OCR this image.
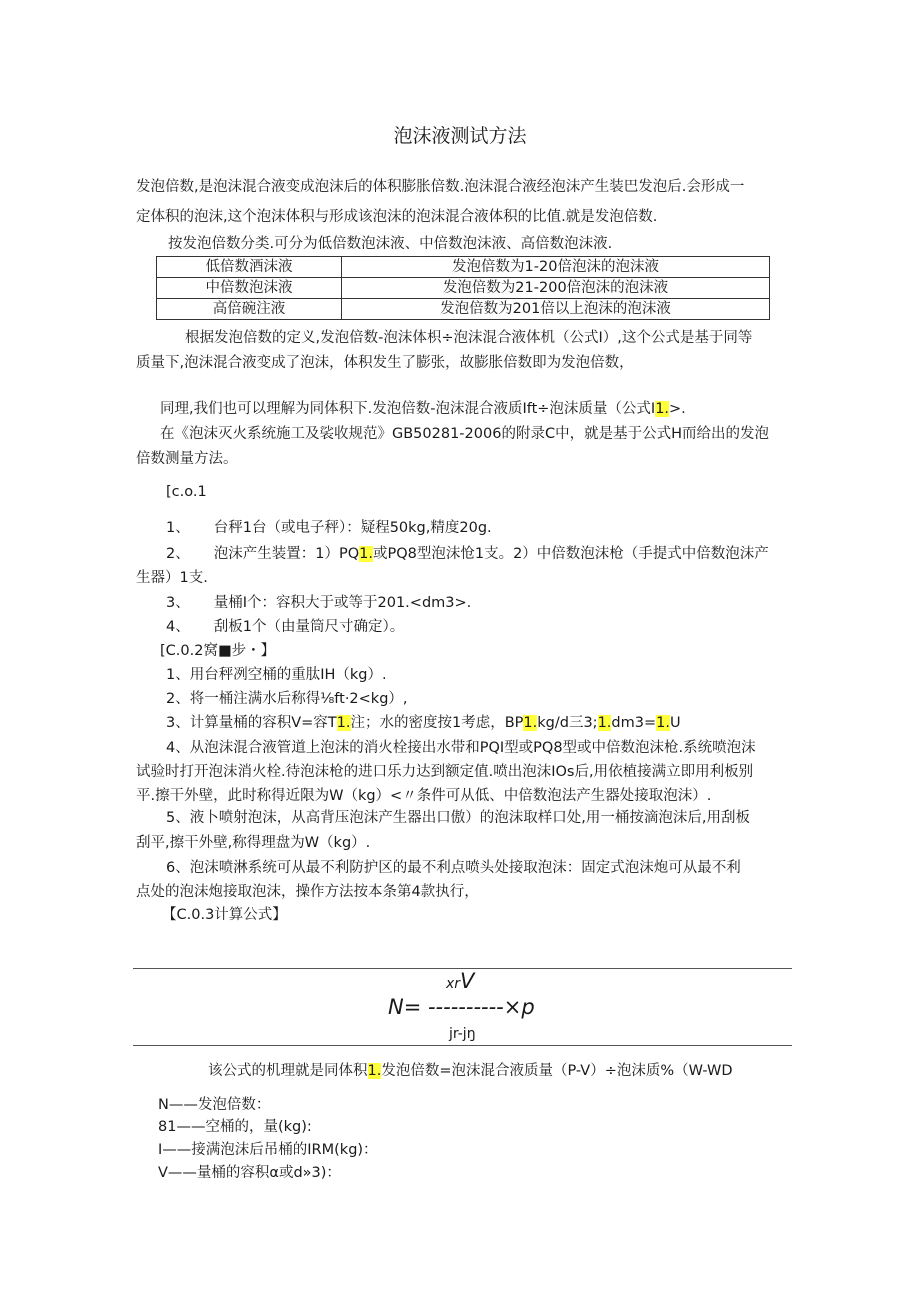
泡沫液测试方法
发泡倍数,是泡沫混合液变成泡沫后的体积膨胀倍数.泡沫混合液经泡沫产生装巴发泡后.会形成一
定体积的泡沫,这个泡沫体积与形成该泡沫的泡沫混合液体积的比值.就是发泡倍数.
按发泡倍数分类.可分为低倍数泡沫液、中倍数泡沫液、高倍数泡沫液.
低倍数酒沫液	发泡倍数为1-20倍泡沫的泡沫液
中倍数泡沫液	发泡倍数为21-200倍泡沫的泡沫液
高倍碗注液	发泡倍数为201倍以上泡沫的泡沫液
根据发泡倍数的定义,发泡倍数-泡沫体枳÷泡沫混合液体机（公式I）,这个公式是基于同等
质量下,泡沫混合液变成了泡沫，体积发生了膨张，故膨胀倍数即为发泡倍数，
同理,我们也可以理解为同体积下.发泡倍数-泡沫混合液质Ift÷泡沫质量（公式I1.>.
在《泡沫灭火系统施工及裟收规范》GB50281-2006的附录C中，就是基于公式H而给出的发泡
倍数测量方法。
[c.o.1
1、 台秤1台（或电子秤）：疑程50kg,精度20g.
2、 泡沫产生装置：1）PQ1.或PQ8型泡沫怆1支。2）中倍数泡沫枪（手提式中倍数泡沫产
生器）1支.
3、 量桶I个：容积大于或等于201.<dm3>.
4、 刮板1个（由量筒尺寸确定）。
[C.0.2窝■步・】
1、用台秤冽空桶的重肽IH（kg）.
2、将一桶注满水后称得⅛ft·2<kg）,
3、计算量桶的容积V=容T1.注；水的密度按1考虑，BP1.kg/d三3;1.dm3=1.U
4、从泡沫混合液管道上泡沫的消火栓接出水带和PQI型或PQ8型或中倍数泡沫枪.系统喷泡沫
试验时打开泡沫消火栓.待泡沫枪的进口乐力达到额定值.喷出泡沫IOs后,用依植接满立即用利板别
平.擦干外壁，此时称得近限为W（kg）<〃条件可从低、中倍数泡法产生器处接取泡沫）.
5、液卜喷射泡沫，从高背压泡沫产生器出口傲）的泡沫取样口处,用一桶按滴泡沫后,用刮板
刮平,擦干外壁,称得理盘为W（kg）.
6、泡沫喷淋系统可从最不利防护区的最不利点喷头处接取泡沫：固定式泡沫炮可从最不利
点处的泡沫炮接取泡沫，操作方法按本条第4款执行，
【C.0.3计算公式】
xrV
N= ----------×p
jr-jŋ
该公式的机理就是同体积1.发泡倍数=泡沫混合液质量（P-V）÷泡沫质%（W-WD
N——发泡倍数：
81——空桶的，量(kg):
I——接满泡沫后吊桶的IRM(kg)：
V——量桶的容积α或d»3)：
